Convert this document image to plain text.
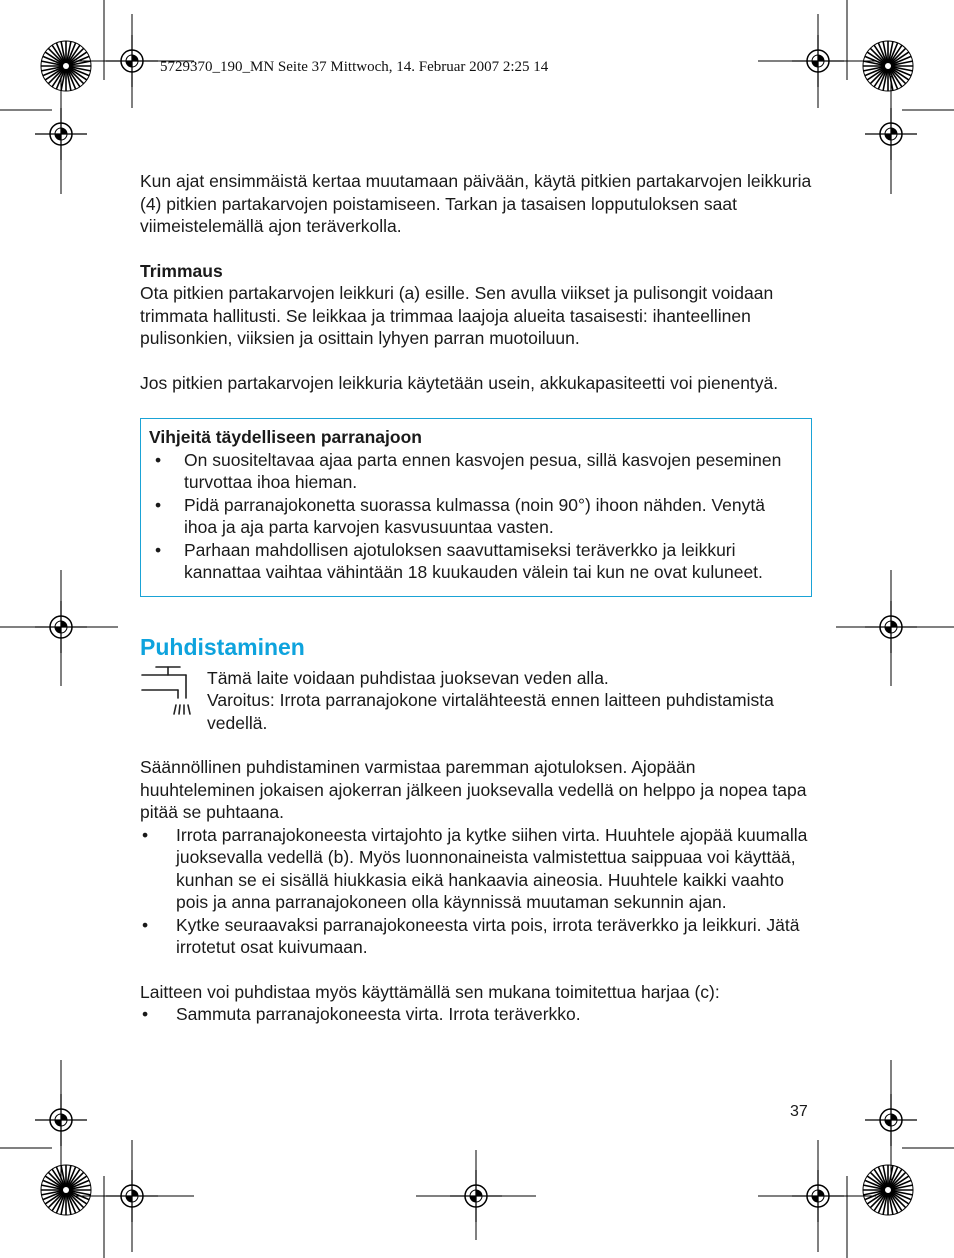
5729370_190_MN Seite 37 Mittwoch, 14. Februar 2007 2:25 14

Kun ajat ensimmäistä kertaa muutamaan päivään, käytä pitkien partakarvojen leikkuria (4) pitkien partakarvojen poistamiseen. Tarkan ja tasaisen lopputuloksen saat viimeistelemällä ajon teräverkolla.

Trimmaus

Ota pitkien partakarvojen leikkuri (a) esille. Sen avulla viikset ja pulisongit voidaan trimmata hallitusti. Se leikkaa ja trimmaa laajoja alueita tasaisesti: ihanteellinen pulisonkien, viiksien ja osittain lyhyen parran muotoiluun.

Jos pitkien partakarvojen leikkuria käytetään usein, akkukapasiteetti voi pienentyä.

Vihjeitä täydelliseen parranajoon

• On suositeltavaa ajaa parta ennen kasvojen pesua, sillä kasvojen peseminen turvottaa ihoa hieman.
• Pidä parranajokonetta suorassa kulmassa (noin 90°) ihoon nähden. Venytä ihoa ja aja parta karvojen kasvusuuntaa vasten.
• Parhaan mahdollisen ajotuloksen saavuttamiseksi teräverkko ja leikkuri kannattaa vaihtaa vähintään 18 kuukauden välein tai kun ne ovat kuluneet.
Puhdistaminen

Tämä laite voidaan puhdistaa juoksevan veden alla.

Varoitus: Irrota parranajokone virtalähteestä ennen laitteen puhdistamista vedellä.

Säännöllinen puhdistaminen varmistaa paremman ajotuloksen. Ajopään huuhteleminen jokaisen ajokerran jälkeen juoksevalla vedellä on helppo ja nopea tapa pitää se puhtaana.

• Irrota parranajokoneesta virtajohto ja kytke siihen virta. Huuhtele ajopää kuumalla juoksevalla vedellä (b). Myös luonnonaineista valmistettua saippuaa voi käyttää, kunhan se ei sisällä hiukkasia eikä hankaavia aineosia. Huuhtele kaikki vaahto pois ja anna parranajokoneen olla käynnissä muutaman sekunnin ajan.
• Kytke seuraavaksi parranajokoneesta virta pois, irrota teräverkko ja leikkuri. Jätä irrotetut osat kuivumaan.

Laitteen voi puhdistaa myös käyttämällä sen mukana toimitettua harjaa (c):

• Sammuta parranajokoneesta virta. Irrota teräverkko.
37
